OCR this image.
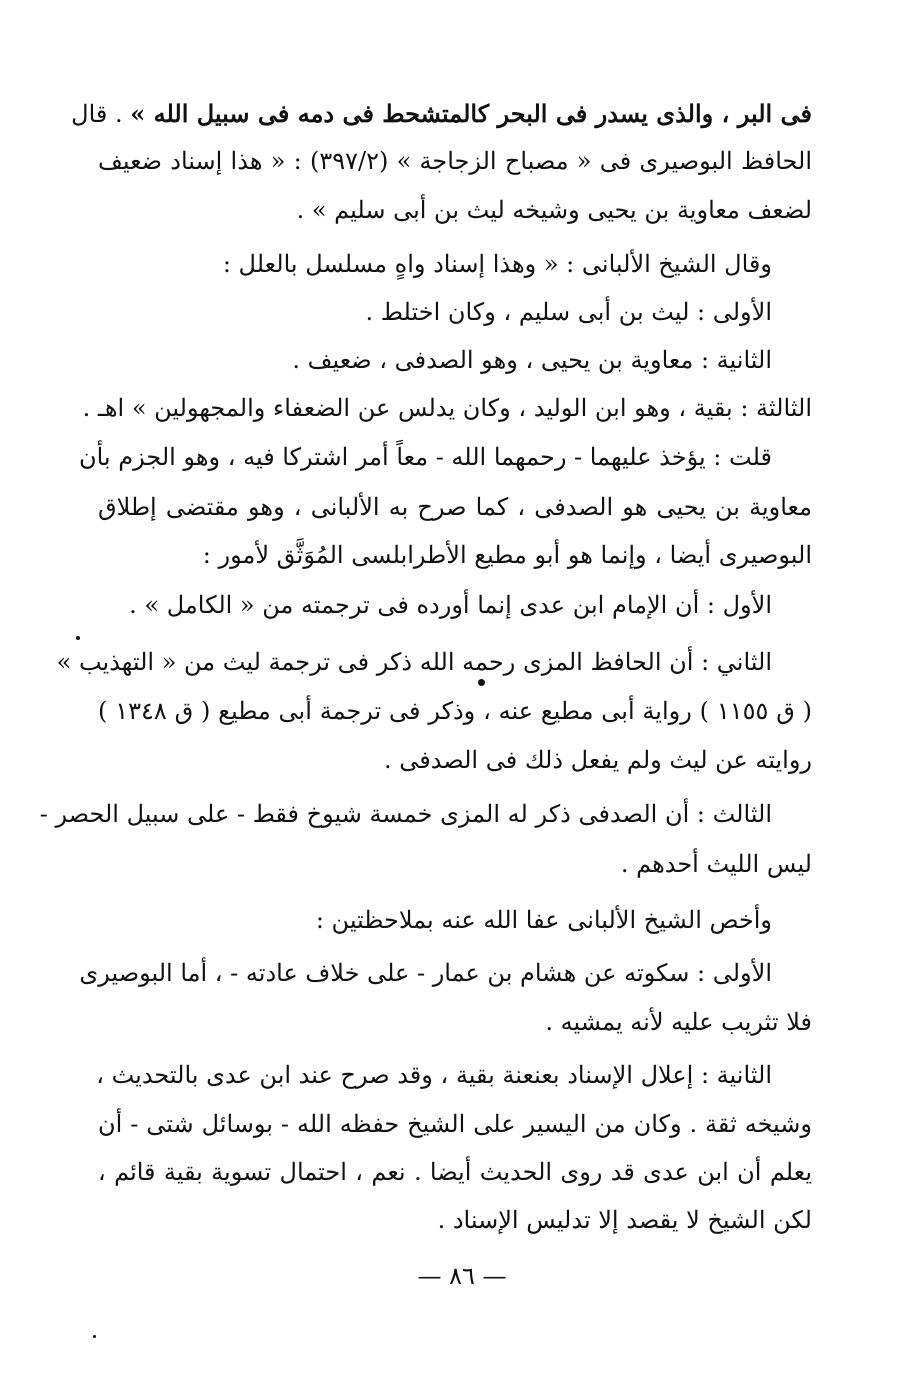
فى البر ، والذى يسدر فى البحر كالمتشحط فى دمه فى سبيل الله » . قال
الحافظ البوصيرى فى « مصباح الزجاجة » (٣٩٧/٢) : « هذا إسناد ضعيف
لضعف معاوية بن يحيى وشيخه ليث بن أبى سليم » .
وقال الشيخ الألبانى : « وهذا إسناد واهٍ مسلسل بالعلل :
الأولى : ليث بن أبى سليم ، وكان اختلط .
الثانية : معاوية بن يحيى ، وهو الصدفى ، ضعيف .
الثالثة : بقية ، وهو ابن الوليد ، وكان يدلس عن الضعفاء والمجهولين » اهـ .
قلت : يؤخذ عليهما - رحمهما الله - معاً أمر اشتركا فيه ، وهو الجزم بأن
معاوية بن يحيى هو الصدفى ، كما صرح به الألبانى ، وهو مقتضى إطلاق
البوصيرى أيضا ، وإنما هو أبو مطيع الأطرابلسى المُوَثَّق لأمور :
الأول : أن الإمام ابن عدى إنما أورده فى ترجمته من « الكامل » .
الثاني : أن الحافظ المزى رحمه الله ذكر فى ترجمة ليث من « التهذيب »
( ق ١١٥٥ ) رواية أبى مطيع عنه ، وذكر فى ترجمة أبى مطيع ( ق ١٣٤٨ )
روايته عن ليث ولم يفعل ذلك فى الصدفى .
الثالث : أن الصدفى ذكر له المزى خمسة شيوخ فقط - على سبيل الحصر -
ليس الليث أحدهم .
وأخص الشيخ الألبانى عفا الله عنه بملاحظتين :
الأولى : سكوته عن هشام بن عمار - على خلاف عادته - ، أما البوصيرى
فلا تثريب عليه لأنه يمشيه .
الثانية : إعلال الإسناد بعنعنة بقية ، وقد صرح عند ابن عدى بالتحديث ،
وشيخه ثقة . وكان من اليسير على الشيخ حفظه الله - بوسائل شتى - أن
يعلم أن ابن عدى قد روى الحديث أيضا . نعم ، احتمال تسوية بقية قائم ،
لكن الشيخ لا يقصد إلا تدليس الإسناد .
— ٨٦ —
